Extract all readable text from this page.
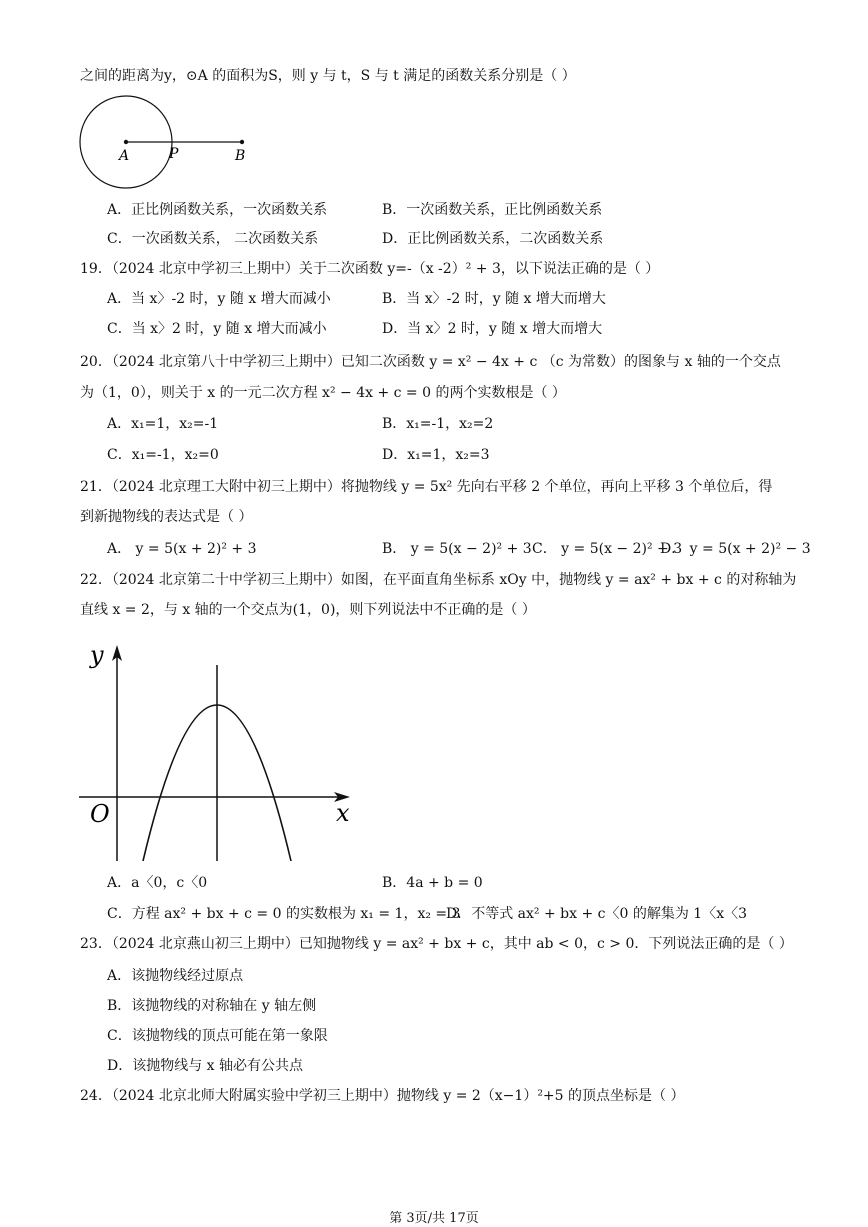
之间的距离为y，⊙A 的面积为S，则 y 与 t，S 与 t 满足的函数关系分别是（ ）
A	P	B
A．正比例函数关系，一次函数关系	B．一次函数关系，正比例函数关系
C．一次函数关系， 二次函数关系	D．正比例函数关系，二次函数关系
19．（2024 北京中学初三上期中）关于二次函数 y=-（x -2）² + 3，以下说法正确的是（ ）
A．当 x〉-2 时，y 随 x 增大而减小	B．当 x〉-2 时，y 随 x 增大而增大
C．当 x〉2 时，y 随 x 增大而减小	D．当 x〉2 时，y 随 x 增大而增大
20．（2024 北京第八十中学初三上期中）已知二次函数 y = x² − 4x + c （c 为常数）的图象与 x 轴的一个交点
为（1，0），则关于 x 的一元二次方程 x² − 4x + c = 0 的两个实数根是（ ）
A．x₁=1，x₂=-1	B．x₁=-1，x₂=2
C．x₁=-1，x₂=0	D．x₁=1，x₂=3
21．（2024 北京理工大附中初三上期中）将抛物线 y = 5x² 先向右平移 2 个单位，再向上平移 3 个单位后，得
到新抛物线的表达式是（ ）
A． y = 5(x + 2)² + 3	B． y = 5(x − 2)² + 3 C． y = 5(x − 2)² − 3
D． y = 5(x + 2)² − 3
22．（2024 北京第二十中学初三上期中）如图，在平面直角坐标系 xOy 中，抛物线 y = ax² + bx + c 的对称轴为
直线 x = 2，与 x 轴的一个交点为(1，0)，则下列说法中不正确的是（ ）
y
x
O
A．a〈0，c〈0	B．4a + b = 0
C．方程 ax² + bx + c = 0 的实数根为 x₁ = 1，x₂ = 3
D．不等式 ax² + bx + c〈0 的解集为 1〈x〈3
23．（2024 北京燕山初三上期中）已知抛物线 y = ax² + bx + c，其中 ab < 0，c > 0．下列说法正确的是（ ）
A．该抛物线经过原点
B．该抛物线的对称轴在 y 轴左侧
C．该抛物线的顶点可能在第一象限
D．该抛物线与 x 轴必有公共点
24．（2024 北京北师大附属实验中学初三上期中）抛物线 y = 2（x−1）²+5 的顶点坐标是（ ）
第 3页/共 17页
